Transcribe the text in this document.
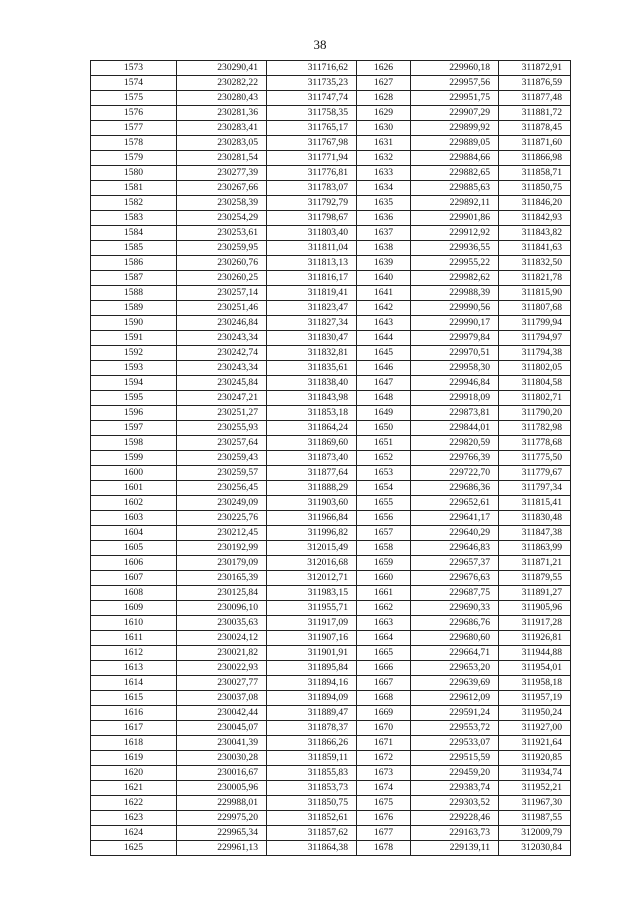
38
1573	230290,41	311716,62	1626	229960,18	311872,91
1574	230282,22	311735,23	1627	229957,56	311876,59
1575	230280,43	311747,74	1628	229951,75	311877,48
1576	230281,36	311758,35	1629	229907,29	311881,72
1577	230283,41	311765,17	1630	229899,92	311878,45
1578	230283,05	311767,98	1631	229889,05	311871,60
1579	230281,54	311771,94	1632	229884,66	311866,98
1580	230277,39	311776,81	1633	229882,65	311858,71
1581	230267,66	311783,07	1634	229885,63	311850,75
1582	230258,39	311792,79	1635	229892,11	311846,20
1583	230254,29	311798,67	1636	229901,86	311842,93
1584	230253,61	311803,40	1637	229912,92	311843,82
1585	230259,95	311811,04	1638	229936,55	311841,63
1586	230260,76	311813,13	1639	229955,22	311832,50
1587	230260,25	311816,17	1640	229982,62	311821,78
1588	230257,14	311819,41	1641	229988,39	311815,90
1589	230251,46	311823,47	1642	229990,56	311807,68
1590	230246,84	311827,34	1643	229990,17	311799,94
1591	230243,34	311830,47	1644	229979,84	311794,97
1592	230242,74	311832,81	1645	229970,51	311794,38
1593	230243,34	311835,61	1646	229958,30	311802,05
1594	230245,84	311838,40	1647	229946,84	311804,58
1595	230247,21	311843,98	1648	229918,09	311802,71
1596	230251,27	311853,18	1649	229873,81	311790,20
1597	230255,93	311864,24	1650	229844,01	311782,98
1598	230257,64	311869,60	1651	229820,59	311778,68
1599	230259,43	311873,40	1652	229766,39	311775,50
1600	230259,57	311877,64	1653	229722,70	311779,67
1601	230256,45	311888,29	1654	229686,36	311797,34
1602	230249,09	311903,60	1655	229652,61	311815,41
1603	230225,76	311966,84	1656	229641,17	311830,48
1604	230212,45	311996,82	1657	229640,29	311847,38
1605	230192,99	312015,49	1658	229646,83	311863,99
1606	230179,09	312016,68	1659	229657,37	311871,21
1607	230165,39	312012,71	1660	229676,63	311879,55
1608	230125,84	311983,15	1661	229687,75	311891,27
1609	230096,10	311955,71	1662	229690,33	311905,96
1610	230035,63	311917,09	1663	229686,76	311917,28
1611	230024,12	311907,16	1664	229680,60	311926,81
1612	230021,82	311901,91	1665	229664,71	311944,88
1613	230022,93	311895,84	1666	229653,20	311954,01
1614	230027,77	311894,16	1667	229639,69	311958,18
1615	230037,08	311894,09	1668	229612,09	311957,19
1616	230042,44	311889,47	1669	229591,24	311950,24
1617	230045,07	311878,37	1670	229553,72	311927,00
1618	230041,39	311866,26	1671	229533,07	311921,64
1619	230030,28	311859,11	1672	229515,59	311920,85
1620	230016,67	311855,83	1673	229459,20	311934,74
1621	230005,96	311853,73	1674	229383,74	311952,21
1622	229988,01	311850,75	1675	229303,52	311967,30
1623	229975,20	311852,61	1676	229228,46	311987,55
1624	229965,34	311857,62	1677	229163,73	312009,79
1625	229961,13	311864,38	1678	229139,11	312030,84
